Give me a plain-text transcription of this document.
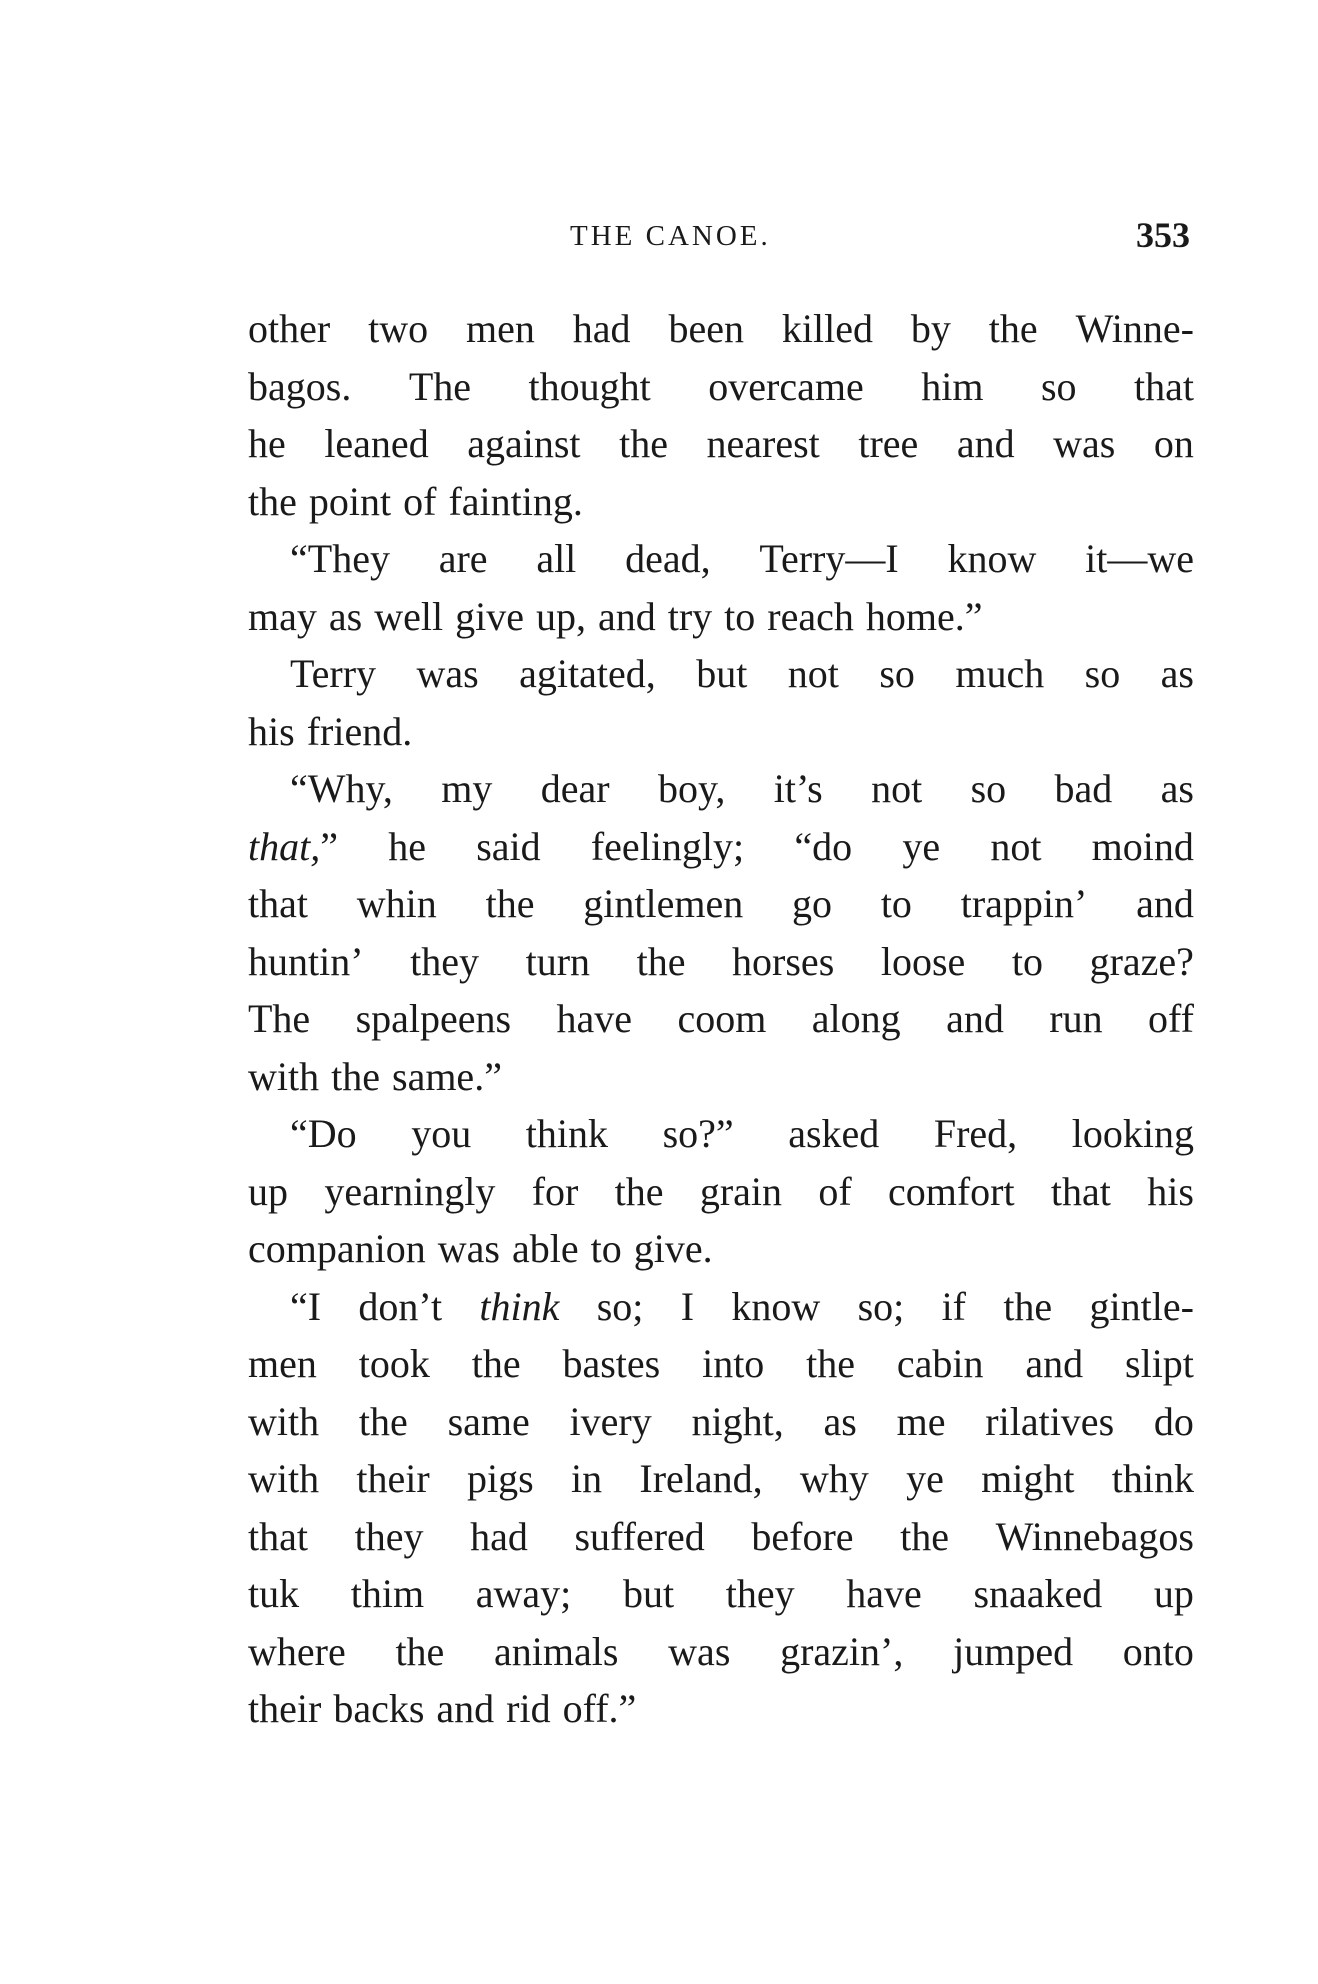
THE CANOE.	353
other two men had been killed by the Winne-
bagos. The thought overcame him so that
he leaned against the nearest tree and was on
the point of fainting.
“They are all dead, Terry—I know it—we
may as well give up, and try to reach home.”
Terry was agitated, but not so much so as
his friend.
“Why, my dear boy, it’s not so bad as
that,” he said feelingly; “do ye not moind
that whin the gintlemen go to trappin’ and
huntin’ they turn the horses loose to graze?
The spalpeens have coom along and run off
with the same.”
“Do you think so?” asked Fred, looking
up yearningly for the grain of comfort that his
companion was able to give.
“I don’t think so; I know so; if the gintle-
men took the bastes into the cabin and slipt
with the same ivery night, as me rilatives do
with their pigs in Ireland, why ye might think
that they had suffered before the Winnebagos
tuk thim away; but they have snaaked up
where the animals was grazin’, jumped onto
their backs and rid off.”
